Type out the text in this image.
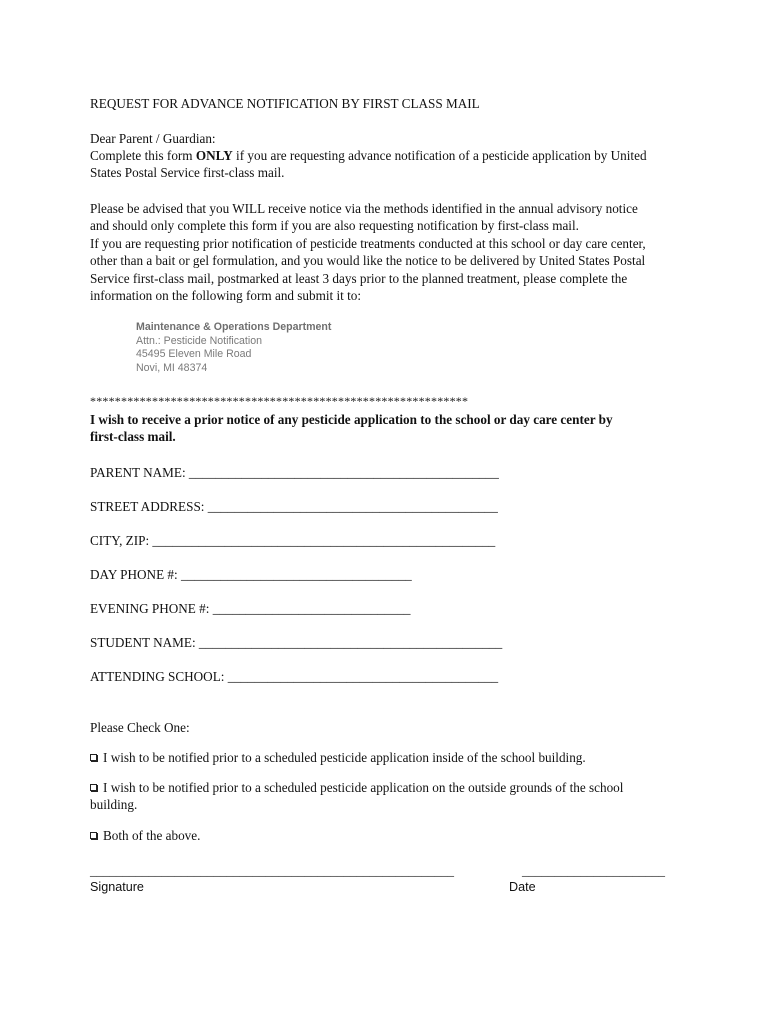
REQUEST FOR ADVANCE NOTIFICATION BY FIRST CLASS MAIL
Dear Parent / Guardian:
Complete this form ONLY if you are requesting advance notification of a pesticide application by United
States Postal Service first-class mail.
Please be advised that you WILL receive notice via the methods identified in the annual advisory notice
and should only complete this form if you are also requesting notification by first-class mail.
If you are requesting prior notification of pesticide treatments conducted at this school or day care center,
other than a bait or gel formulation, and you would like the notice to be delivered by United States Postal
Service first-class mail, postmarked at least 3 days prior to the planned treatment, please complete the
information on the following form and submit it to:
Maintenance & Operations Department
Attn.: Pesticide Notification
45495 Eleven Mile Road
Novi, MI 48374
*************************************************************
I wish to receive a prior notice of any pesticide application to the school or day care center by
first-class mail.
PARENT NAME: _______________________________________________
STREET ADDRESS: ____________________________________________
CITY, ZIP: ____________________________________________________
DAY PHONE #: ___________________________________
EVENING PHONE #: ______________________________
STUDENT NAME: ______________________________________________
ATTENDING SCHOOL: _________________________________________
Please Check One:
I wish to be notified prior to a scheduled pesticide application inside of the school building.
I wish to be notified prior to a scheduled pesticide application on the outside grounds of the school
building.
Both of the above.
________________________________________________________	______________________
Signature	Date
